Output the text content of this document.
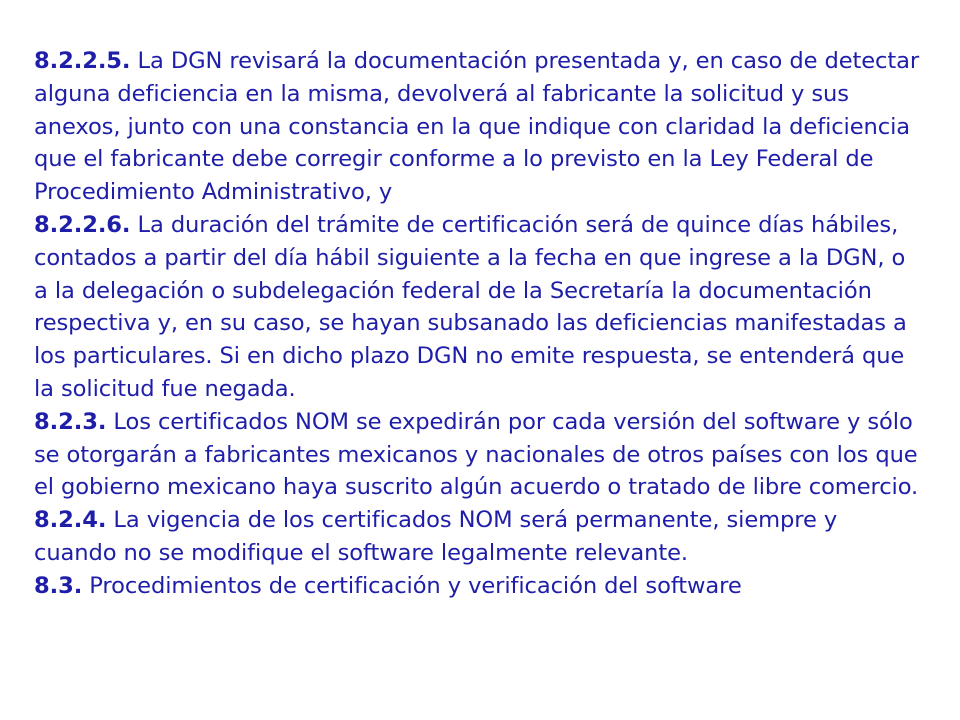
8.2.2.5. La DGN revisará la documentación presentada y, en caso de detectar alguna deficiencia en la misma, devolverá al fabricante la solicitud y sus anexos, junto con una constancia en la que indique con claridad la deficiencia que el fabricante debe corregir conforme a lo previsto en la Ley Federal de Procedimiento Administrativo, y

8.2.2.6. La duración del trámite de certificación será de quince días hábiles, contados a partir del día hábil siguiente a la fecha en que ingrese a la DGN, o a la delegación o subdelegación federal de la Secretaría la documentación respectiva y, en su caso, se hayan subsanado las deficiencias manifestadas a los particulares. Si en dicho plazo DGN no emite respuesta, se entenderá que la solicitud fue negada.

8.2.3. Los certificados NOM se expedirán por cada versión del software y sólo se otorgarán a fabricantes mexicanos y nacionales de otros países con los que el gobierno mexicano haya suscrito algún acuerdo o tratado de libre comercio.

8.2.4. La vigencia de los certificados NOM será permanente, siempre y cuando no se modifique el software legalmente relevante.

8.3. Procedimientos de certificación y verificación del software
